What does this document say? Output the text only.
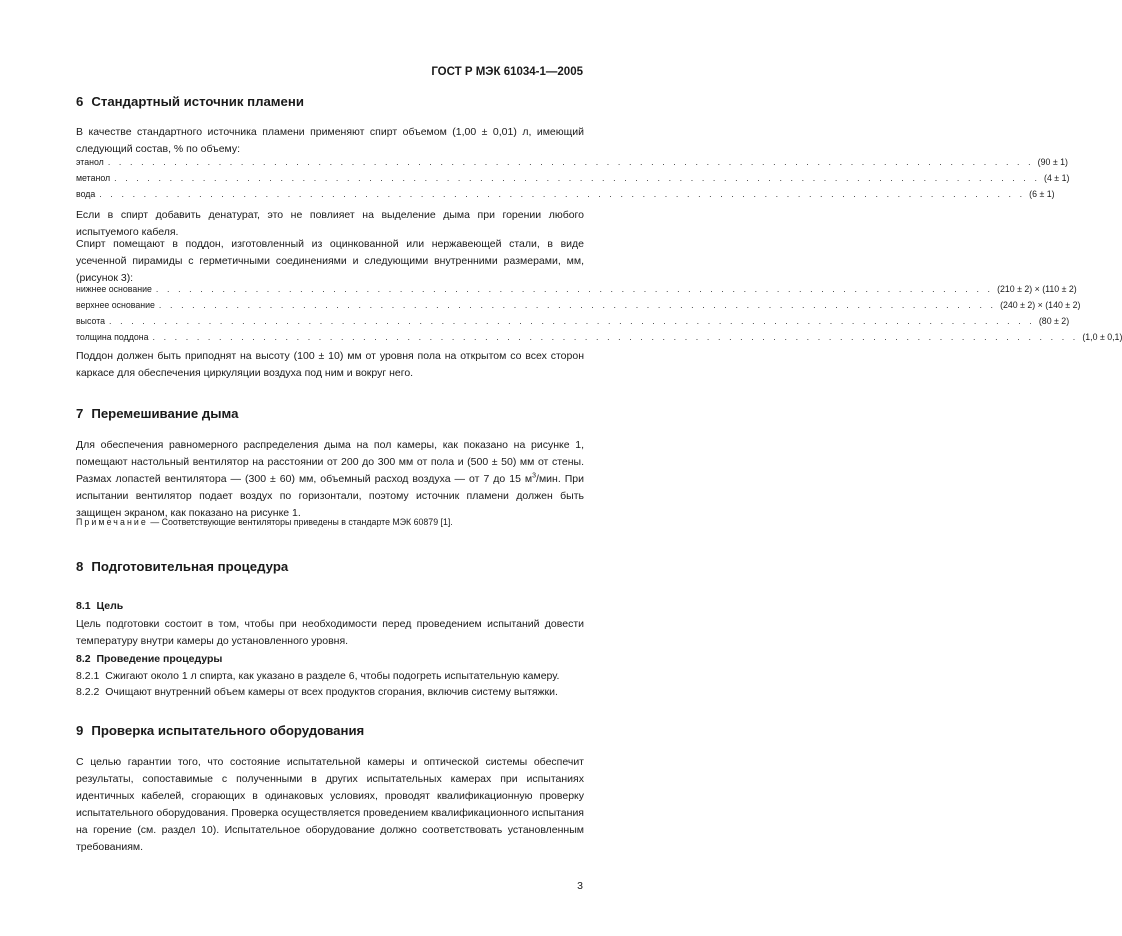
ГОСТ Р МЭК 61034-1—2005
6 Стандартный источник пламени
В качестве стандартного источника пламени применяют спирт объемом (1,00 ± 0,01) л, имеющий следующий состав, % по объему:
этанол . . . . . . . . . . . . . . . . . . . . . . . . . . . . . . . . . . . . . . . . . . . . . . . . . . . . . . . . . . . . . . . . . . . . . . . . . . . . . . . . . . . . (90 ± 1)
метанол . . . . . . . . . . . . . . . . . . . . . . . . . . . . . . . . . . . . . . . . . . . . . . . . . . . . . . . . . . . . . . . . . . . . . . . . . . . . . . . . . . . . (4 ± 1)
вода . . . . . . . . . . . . . . . . . . . . . . . . . . . . . . . . . . . . . . . . . . . . . . . . . . . . . . . . . . . . . . . . . . . . . . . . . . . . . . . . . . . . (6 ± 1)
Если в спирт добавить денатурат, это не повлияет на выделение дыма при горении любого испытуемого кабеля.
Спирт помещают в поддон, изготовленный из оцинкованной или нержавеющей стали, в виде усеченной пирамиды с герметичными соединениями и следующими внутренними размерами, мм, (рисунок 3):
нижнее основание . . . . . . . . . . . . . . . . . . . . . . . . . . . . . . . . . . . . . . . . . . . . . . . . . . . . . . . . . . . . . . . . . . . . . . . . . . . . (210 ± 2) × (110 ± 2)
верхнее основание . . . . . . . . . . . . . . . . . . . . . . . . . . . . . . . . . . . . . . . . . . . . . . . . . . . . . . . . . . . . . . . . . . . . . . . . . . . . (240 ± 2) × (140 ± 2)
высота . . . . . . . . . . . . . . . . . . . . . . . . . . . . . . . . . . . . . . . . . . . . . . . . . . . . . . . . . . . . . . . . . . . . . . . . . . . . . . . . . . . . (80 ± 2)
толщина поддона . . . . . . . . . . . . . . . . . . . . . . . . . . . . . . . . . . . . . . . . . . . . . . . . . . . . . . . . . . . . . . . . . . . . . . . . . . . . . . . . . . . . (1,0 ± 0,1)
Поддон должен быть приподнят на высоту (100 ± 10) мм от уровня пола на открытом со всех сторон каркасе для обеспечения циркуляции воздуха под ним и вокруг него.
7 Перемешивание дыма
Для обеспечения равномерного распределения дыма на пол камеры, как показано на рисунке 1, помещают настольный вентилятор на расстоянии от 200 до 300 мм от пола и (500 ± 50) мм от стены. Размах лопастей вентилятора — (300 ± 60) мм, объемный расход воздуха — от 7 до 15 $м^3$/мин. При испытании вентилятор подает воздух по горизонтали, поэтому источник пламени должен быть защищен экраном, как показано на рисунке 1.
Примечание — Соответствующие вентиляторы приведены в стандарте МЭК 60879 [1].
8 Подготовительная процедура
8.1 Цель
Цель подготовки состоит в том, чтобы при необходимости перед проведением испытаний довести температуру внутри камеры до установленного уровня.
8.2 Проведение процедуры
8.2.1 Сжигают около 1 л спирта, как указано в разделе 6, чтобы подогреть испытательную камеру.
8.2.2 Очищают внутренний объем камеры от всех продуктов сгорания, включив систему вытяжки.
9 Проверка испытательного оборудования
С целью гарантии того, что состояние испытательной камеры и оптической системы обеспечит результаты, сопоставимые с полученными в других испытательных камерах при испытаниях идентичных кабелей, сгорающих в одинаковых условиях, проводят квалификационную проверку испытательного оборудования. Проверка осуществляется проведением квалификационного испытания на горение (см. раздел 10). Испытательное оборудование должно соответствовать установленным требованиям.
3
